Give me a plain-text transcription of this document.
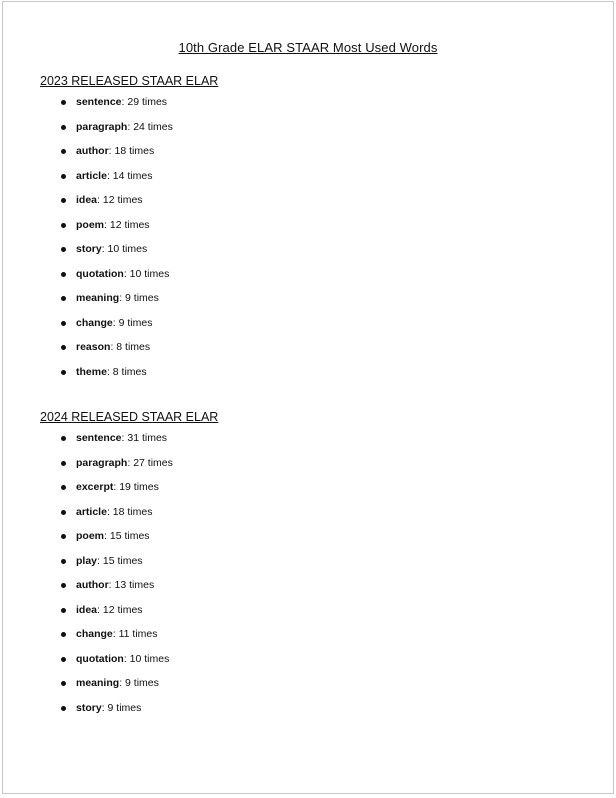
10th Grade ELAR STAAR Most Used Words
2023 RELEASED STAAR ELAR
sentence: 29 times
paragraph: 24 times
author: 18 times
article: 14 times
idea: 12 times
poem: 12 times
story: 10 times
quotation: 10 times
meaning: 9 times
change: 9 times
reason: 8 times
theme: 8 times
2024 RELEASED STAAR ELAR
sentence: 31 times
paragraph: 27 times
excerpt: 19 times
article: 18 times
poem: 15 times
play: 15 times
author: 13 times
idea: 12 times
change: 11 times
quotation: 10 times
meaning: 9 times
story: 9 times
